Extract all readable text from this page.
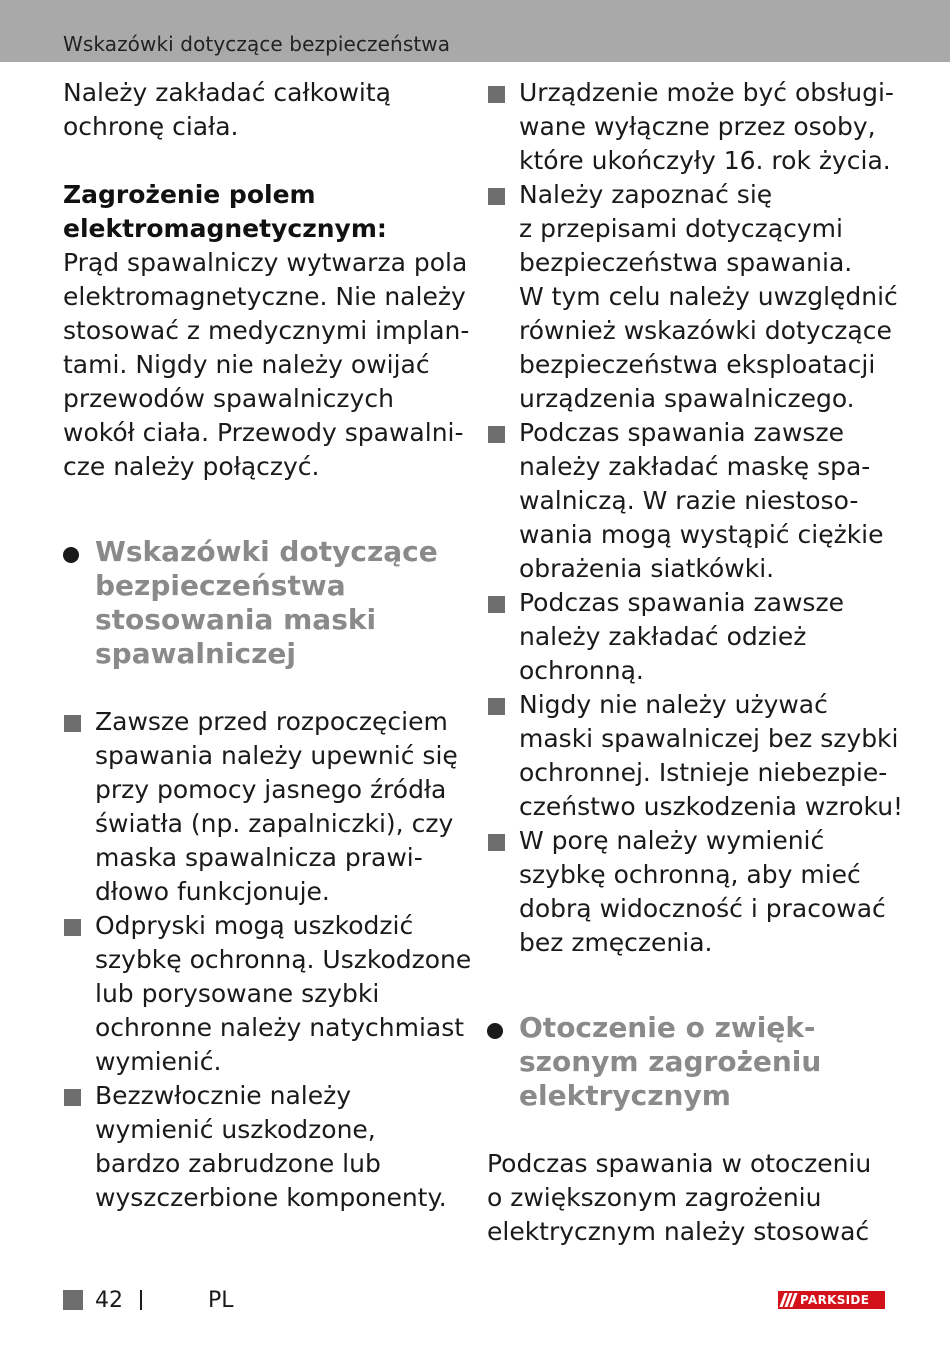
Wskazówki dotyczące bezpieczeństwa
Należy zakładać całkowitą
ochronę ciała.
Zagrożenie polem
elektromagnetycznym:
Prąd spawalniczy wytwarza pola
elektromagnetyczne. Nie należy
stosować z medycznymi implan-
tami. Nigdy nie należy owijać
przewodów spawalniczych
wokół ciała. Przewody spawalni-
cze należy połączyć.
Wskazówki dotyczące
bezpieczeństwa
stosowania maski
spawalniczej
Zawsze przed rozpoczęciem
spawania należy upewnić się
przy pomocy jasnego źródła
światła (np. zapalniczki), czy
maska spawalnicza prawi-
dłowo funkcjonuje.
Odpryski mogą uszkodzić
szybkę ochronną. Uszkodzone
lub porysowane szybki
ochronne należy natychmiast
wymienić.
Bezzwłocznie należy
wymienić uszkodzone,
bardzo zabrudzone lub
wyszczerbione komponenty.
Urządzenie może być obsługi-
wane wyłączne przez osoby,
które ukończyły 16. rok życia.
Należy zapoznać się
z przepisami dotyczącymi
bezpieczeństwa spawania.
W tym celu należy uwzględnić
również wskazówki dotyczące
bezpieczeństwa eksploatacji
urządzenia spawalniczego.
Podczas spawania zawsze
należy zakładać maskę spa-
walniczą. W razie niestoso-
wania mogą wystąpić ciężkie
obrażenia siatkówki.
Podczas spawania zawsze
należy zakładać odzież
ochronną.
Nigdy nie należy używać
maski spawalniczej bez szybki
ochronnej. Istnieje niebezpie-
czeństwo uszkodzenia wzroku!
W porę należy wymienić
szybkę ochronną, aby mieć
dobrą widoczność i pracować
bez zmęczenia.
Otoczenie o zwięk-
szonym zagrożeniu
elektrycznym
Podczas spawania w otoczeniu
o zwiększonym zagrożeniu
elektrycznym należy stosować
42	PL	PARKSIDE
